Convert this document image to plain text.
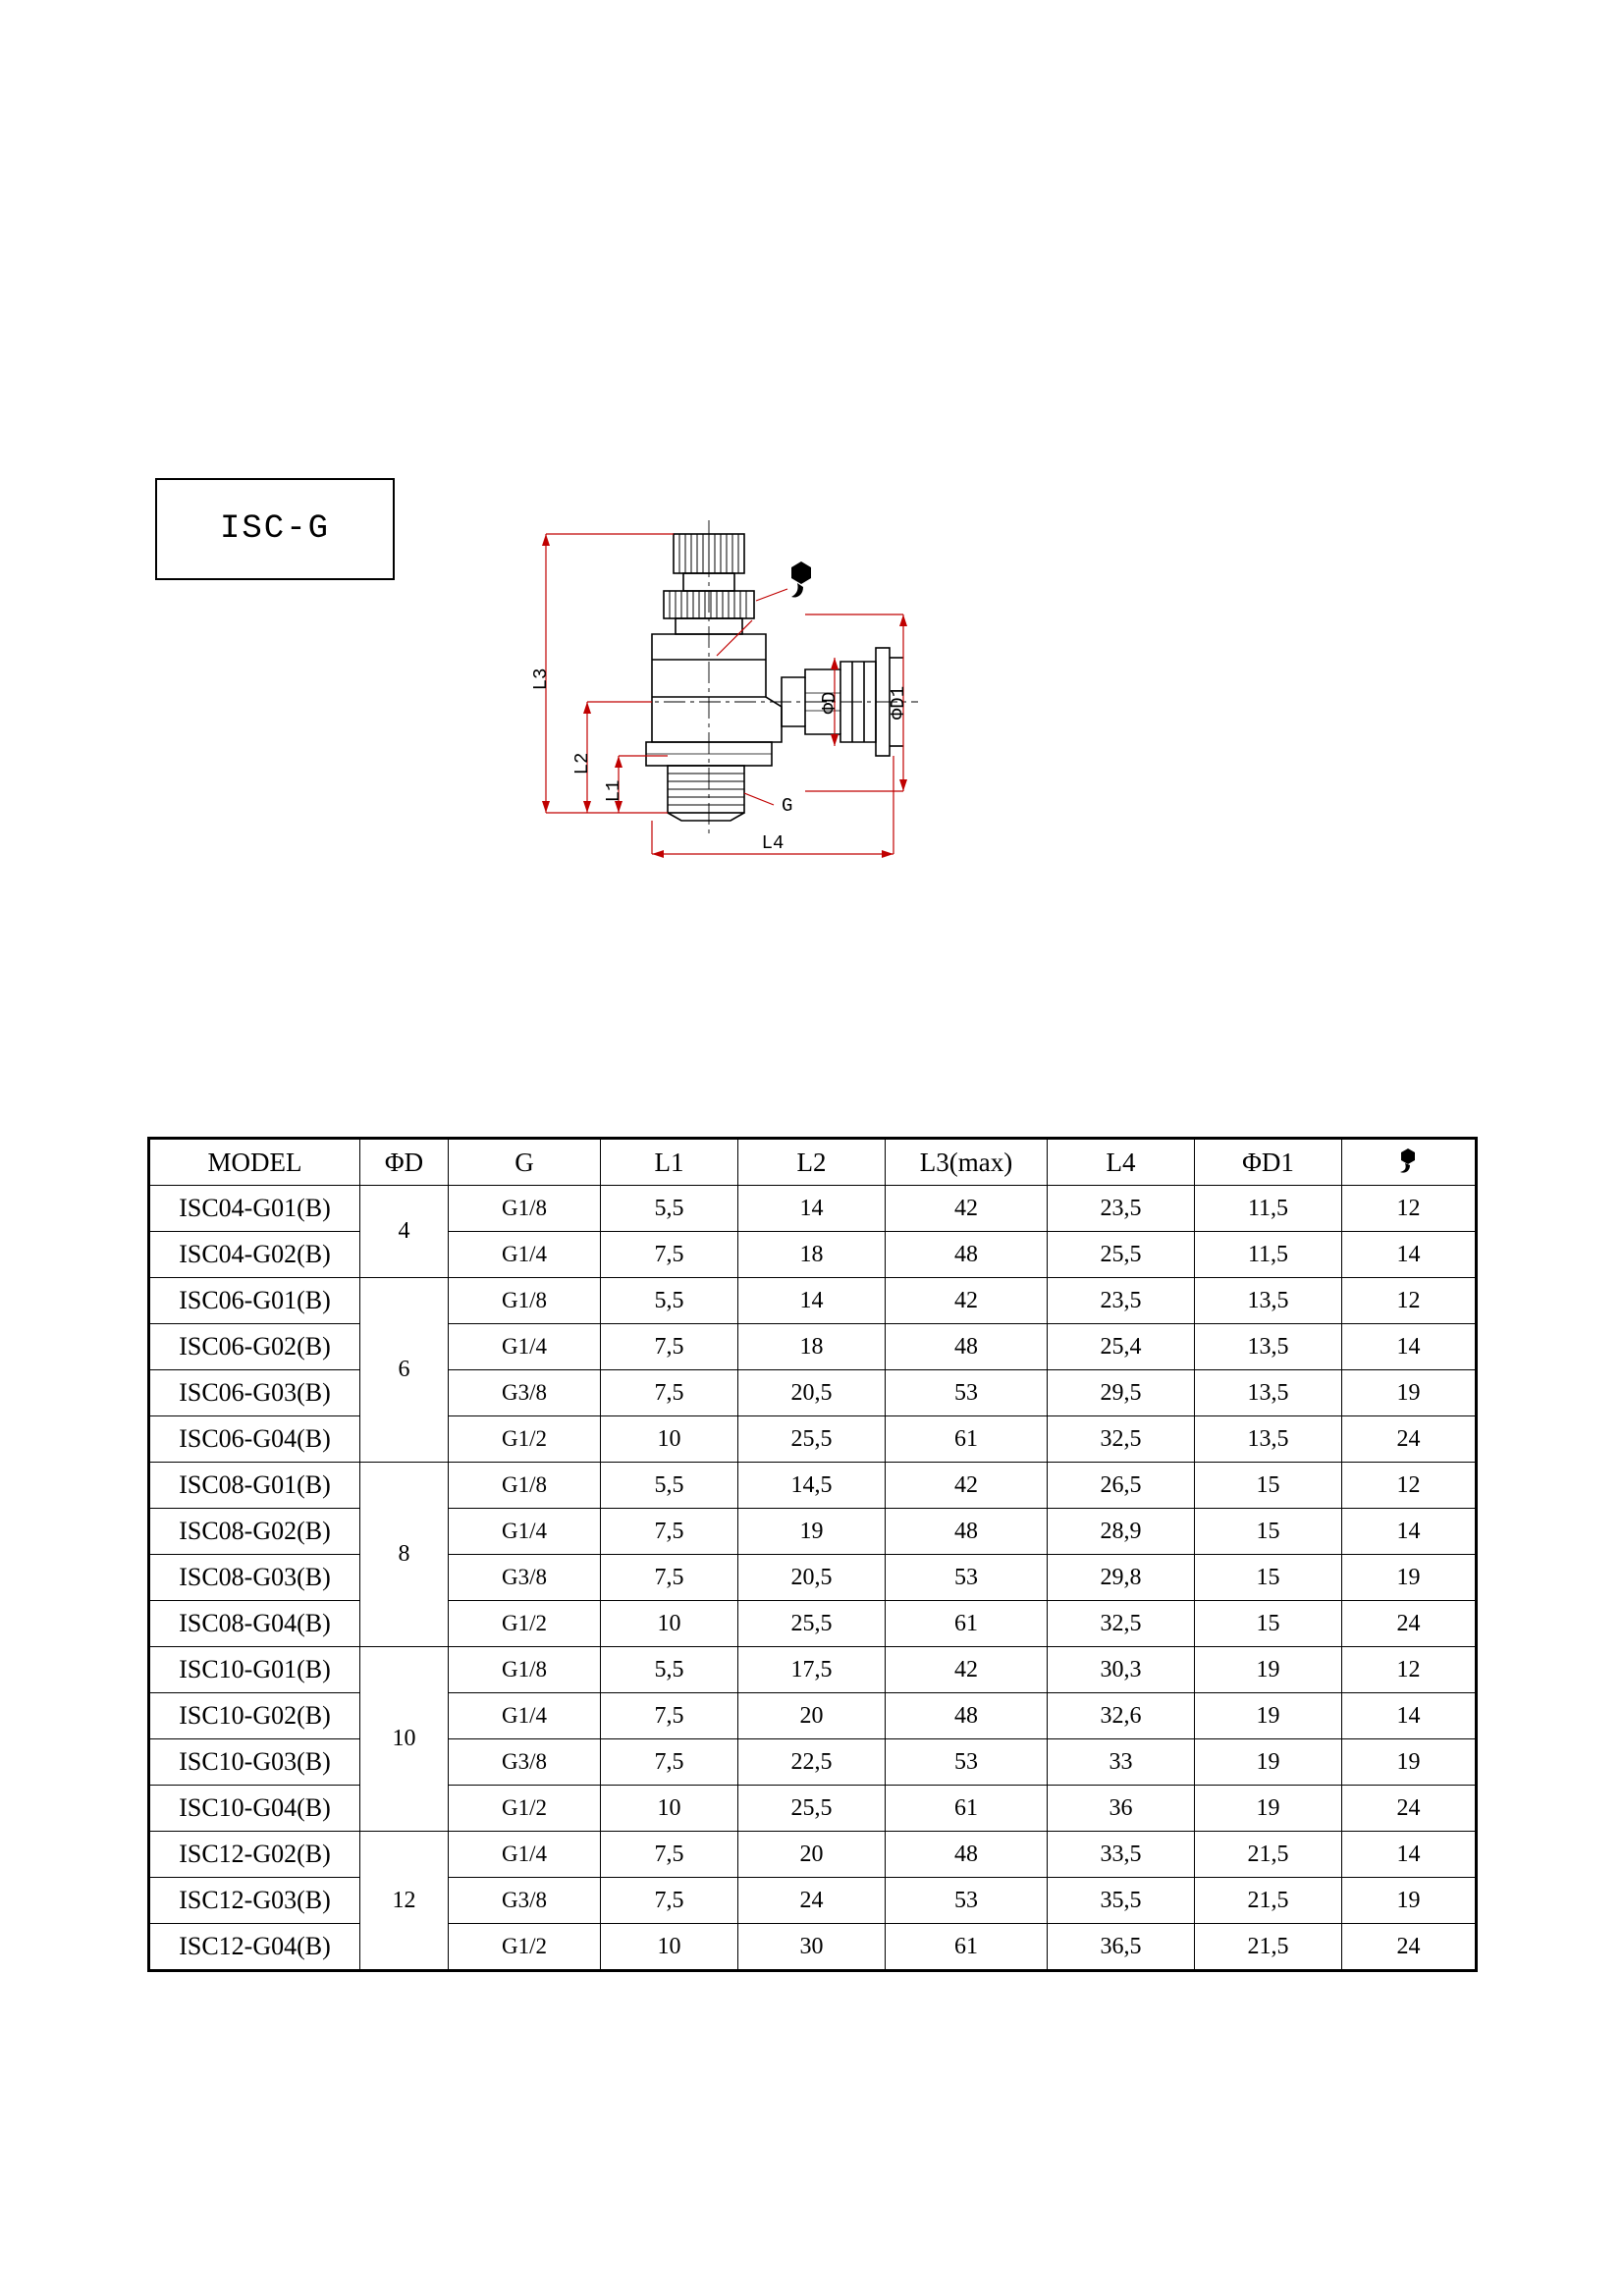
ISC-G
L3
L2
L1
L4
G
ΦD	ΦD1
MODEL	ΦD	G	L1	L2	L3(max)	L4	ΦD1	
ISC04-G01(B)	4	G1/8	5,5	14	42	23,5	11,5	12
ISC04-G02(B)		G1/4	7,5	18	48	25,5	11,5	14
ISC06-G01(B)	6	G1/8	5,5	14	42	23,5	13,5	12
ISC06-G02(B)		G1/4	7,5	18	48	25,4	13,5	14
ISC06-G03(B)		G3/8	7,5	20,5	53	29,5	13,5	19
ISC06-G04(B)		G1/2	10	25,5	61	32,5	13,5	24
ISC08-G01(B)	8	G1/8	5,5	14,5	42	26,5	15	12
ISC08-G02(B)		G1/4	7,5	19	48	28,9	15	14
ISC08-G03(B)		G3/8	7,5	20,5	53	29,8	15	19
ISC08-G04(B)		G1/2	10	25,5	61	32,5	15	24
ISC10-G01(B)	10	G1/8	5,5	17,5	42	30,3	19	12
ISC10-G02(B)		G1/4	7,5	20	48	32,6	19	14
ISC10-G03(B)		G3/8	7,5	22,5	53	33	19	19
ISC10-G04(B)		G1/2	10	25,5	61	36	19	24
ISC12-G02(B)	12	G1/4	7,5	20	48	33,5	21,5	14
ISC12-G03(B)		G3/8	7,5	24	53	35,5	21,5	19
ISC12-G04(B)		G1/2	10	30	61	36,5	21,5	24
